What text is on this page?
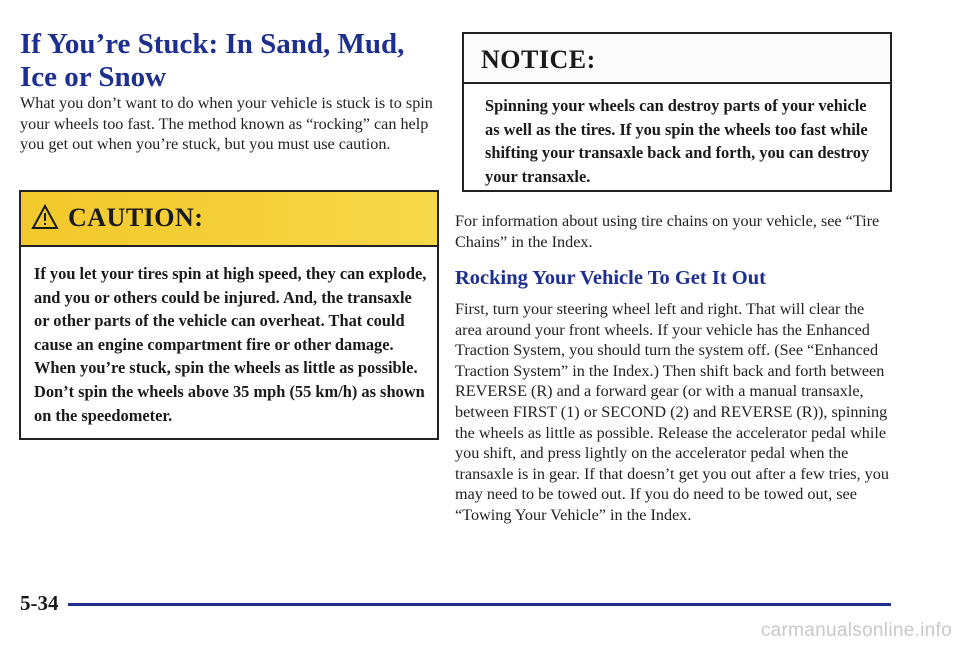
If You’re Stuck: In Sand, Mud, Ice or Snow
What you don’t want to do when your vehicle is stuck is to spin your wheels too fast. The method known as “rocking” can help you get out when you’re stuck, but you must use caution.
CAUTION:
If you let your tires spin at high speed, they can explode, and you or others could be injured. And, the transaxle or other parts of the vehicle can overheat. That could cause an engine compartment fire or other damage. When you’re stuck, spin the wheels as little as possible. Don’t spin the wheels above 35 mph (55 km/h) as shown on the speedometer.
NOTICE:
Spinning your wheels can destroy parts of your vehicle as well as the tires. If you spin the wheels too fast while shifting your transaxle back and forth, you can destroy your transaxle.
For information about using tire chains on your vehicle, see “Tire Chains” in the Index.
Rocking Your Vehicle To Get It Out
First, turn your steering wheel left and right. That will clear the area around your front wheels. If your vehicle has the Enhanced Traction System, you should turn the system off. (See “Enhanced Traction System” in the Index.) Then shift back and forth between REVERSE (R) and a forward gear (or with a manual transaxle, between FIRST (1) or SECOND (2) and REVERSE (R)), spinning the wheels as little as possible. Release the accelerator pedal while you shift, and press lightly on the accelerator pedal when the transaxle is in gear. If that doesn’t get you out after a few tries, you may need to be towed out. If you do need to be towed out, see “Towing Your Vehicle” in the Index.
5-34
carmanualsonline.info
